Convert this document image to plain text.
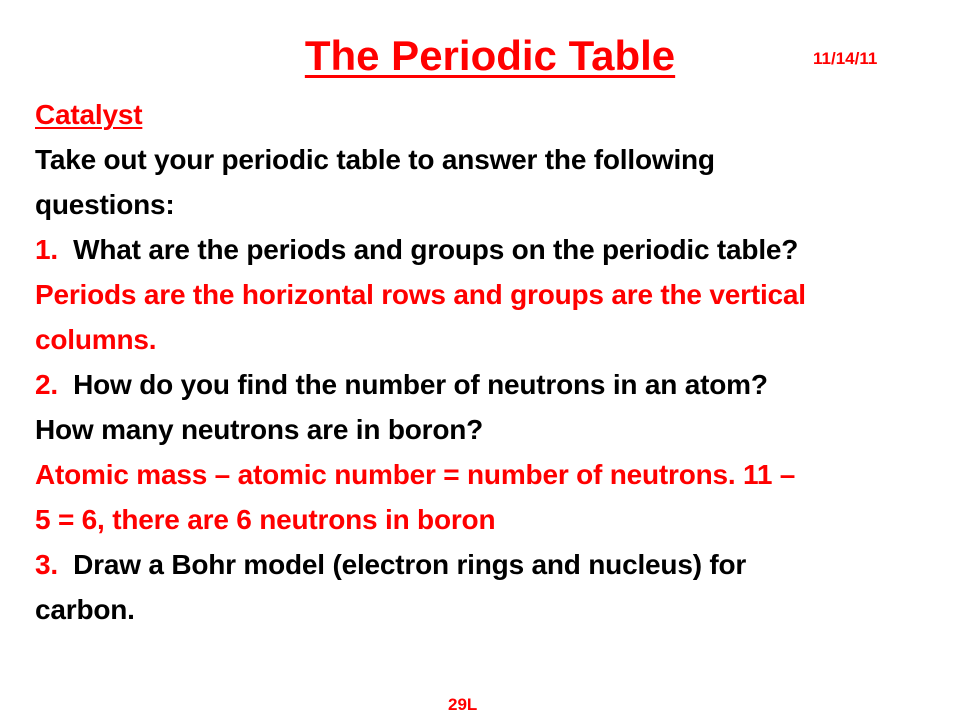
The Periodic Table	11/14/11
Catalyst
Take out your periodic table to answer the following
questions:
1. What are the periods and groups on the periodic table?
Periods are the horizontal rows and groups are the vertical
columns.
2. How do you find the number of neutrons in an atom?
How many neutrons are in boron?
Atomic mass – atomic number = number of neutrons. 11 –
5 = 6, there are 6 neutrons in boron
3. Draw a Bohr model (electron rings and nucleus) for
carbon.
29L
